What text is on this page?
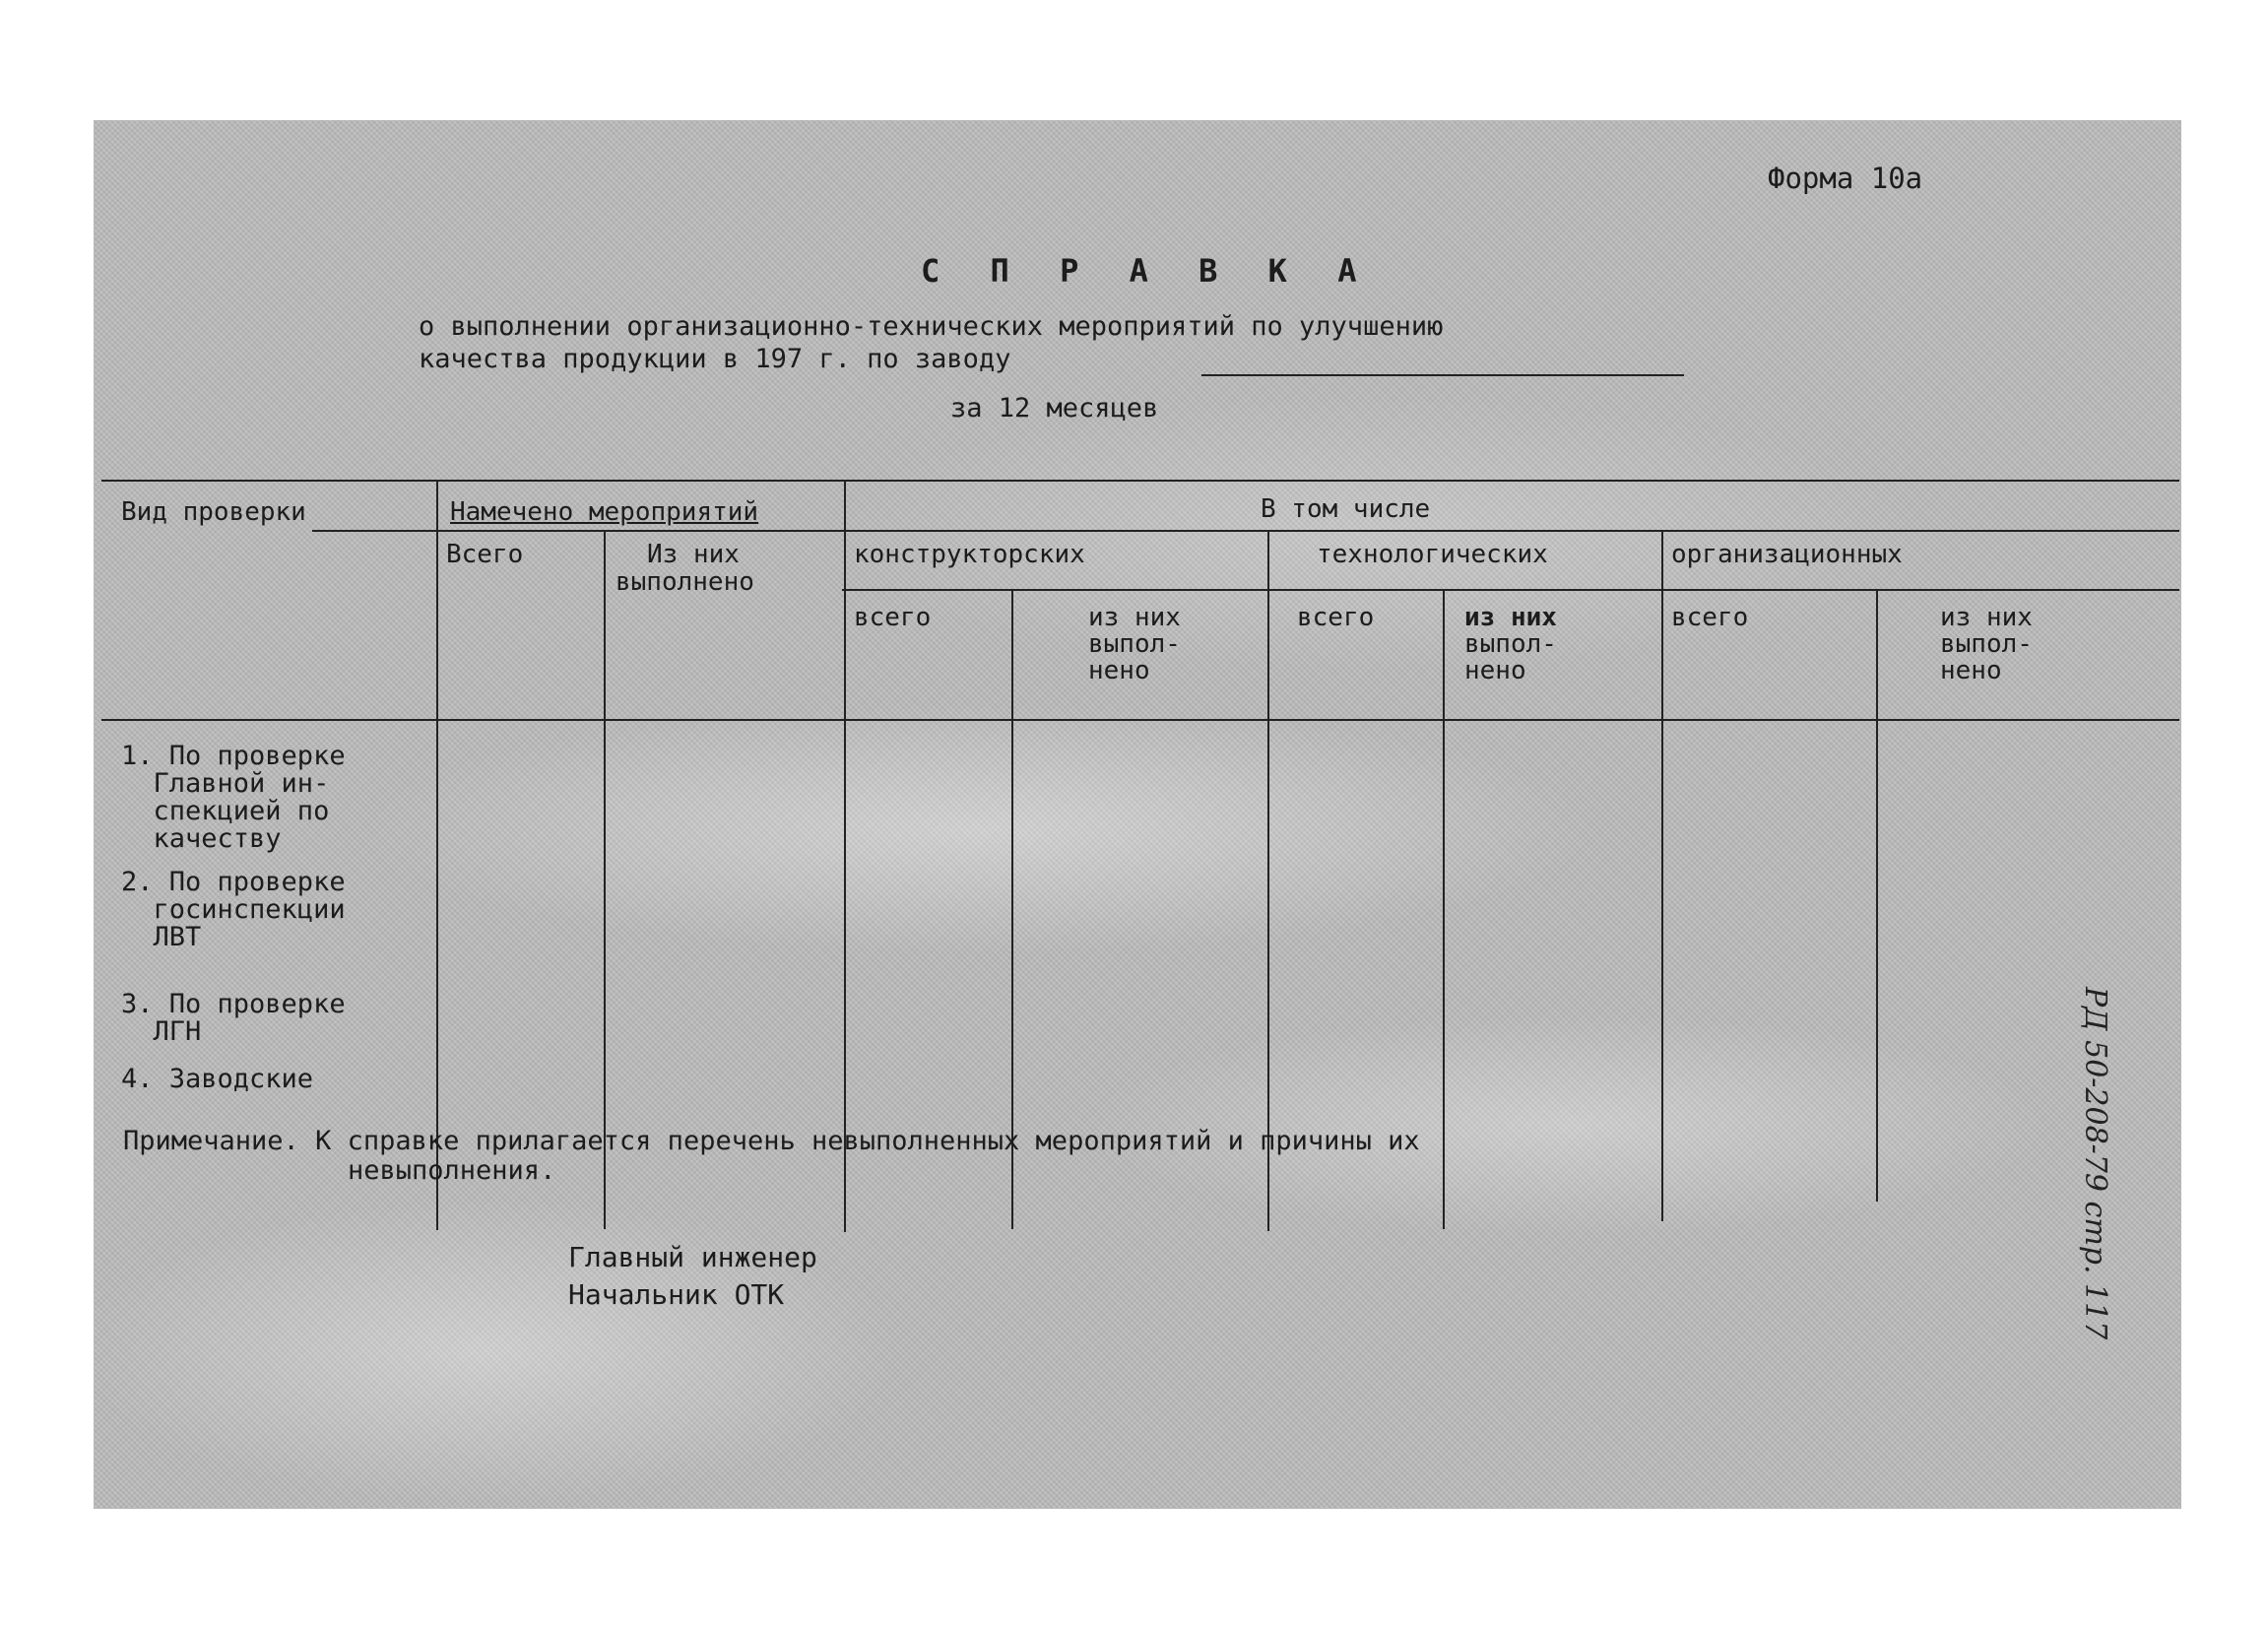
Форма 10а
С П Р А В К А
о выполнении организационно-технических мероприятий по улучшению
качества продукции в 197 г. по заводу
за 12 месяцев
Вид проверки	Намечено мероприятий	В том числе
Всего	Из них
выполнено
конструкторских	технологических	организационных
всего	из них
выпол-
нено
всего	из них
выпол-
нено
всего	из них
выпол-
нено
1. По проверке
Главной ин-
спекцией по
качеству
2. По проверке
госинспекции
ЛВТ
3. По проверке
ЛГН
4. Заводские
Примечание. К справке прилагается перечень невыполненных мероприятий и причины их
невыполнения.
Главный инженер
Начальник ОТК	РД 50-208-79 стр. 117
